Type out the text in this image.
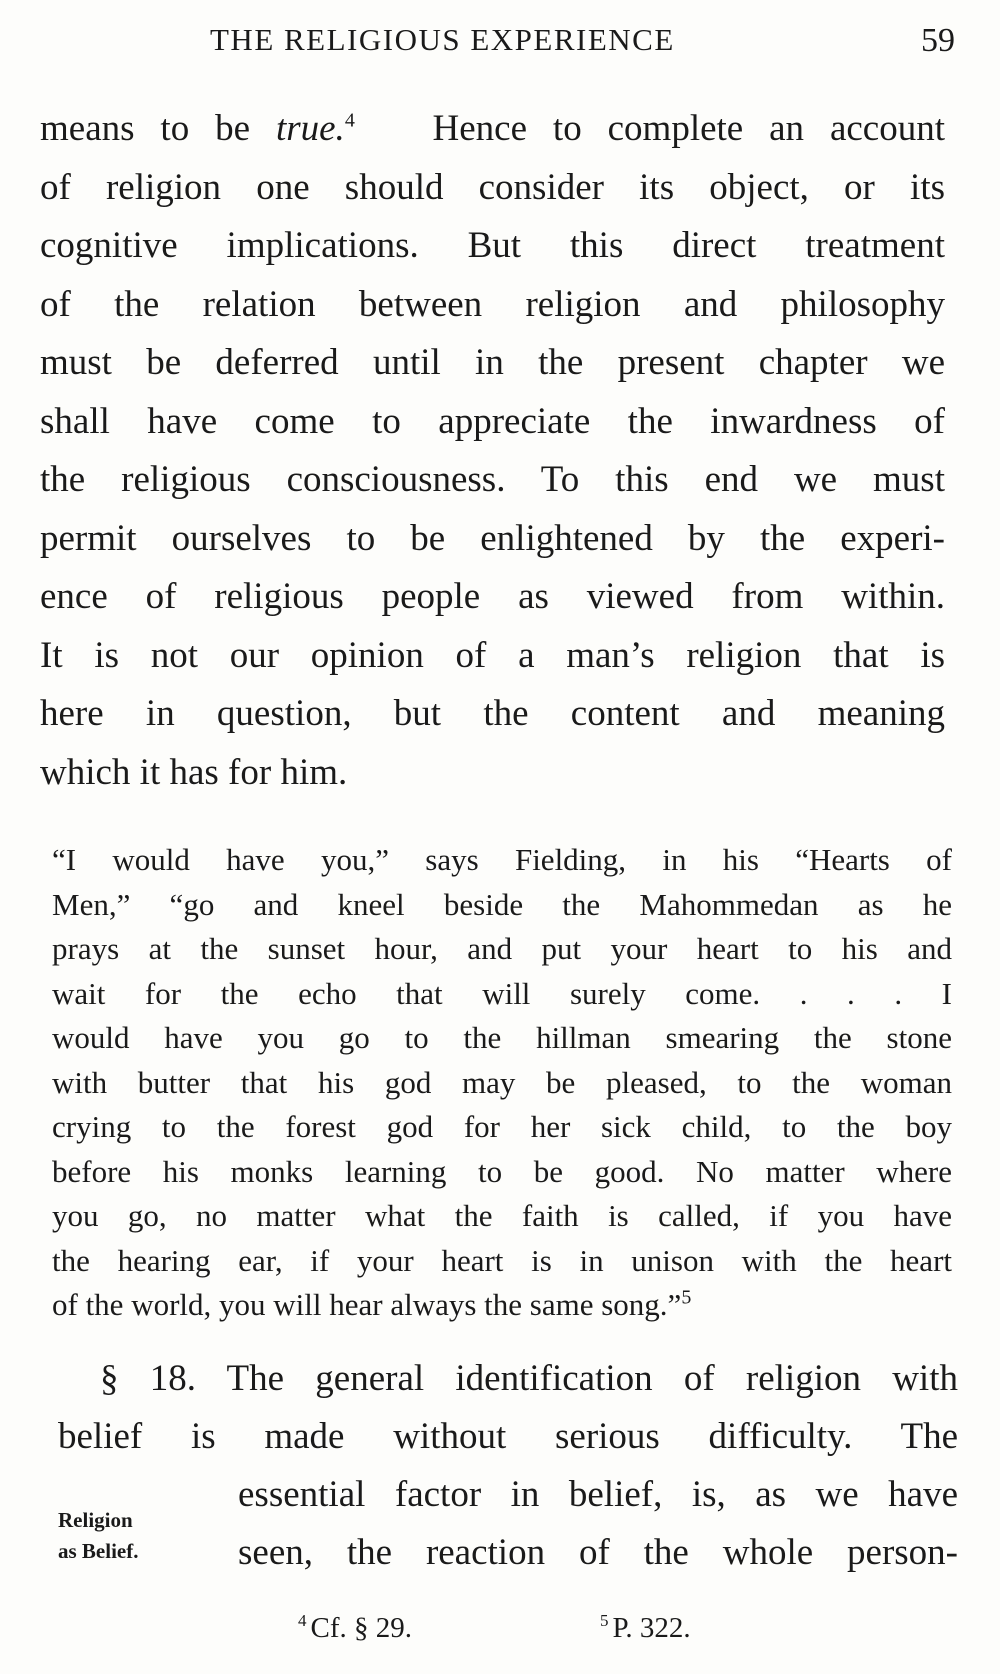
THE RELIGIOUS EXPERIENCE	59
means to be true.$^4$ Hence to complete an account
of religion one should consider its object, or its
cognitive implications. But this direct treatment
of the relation between religion and philosophy
must be deferred until in the present chapter we
shall have come to appreciate the inwardness of
the religious consciousness. To this end we must
permit ourselves to be enlightened by the experi-
ence of religious people as viewed from within.
It is not our opinion of a man’s religion that is
here in question, but the content and meaning
which it has for him.
“I would have you,” says Fielding, in his “Hearts of
Men,” “go and kneel beside the Mahommedan as he
prays at the sunset hour, and put your heart to his and
wait for the echo that will surely come. . . . I
would have you go to the hillman smearing the stone
with butter that his god may be pleased, to the woman
crying to the forest god for her sick child, to the boy
before his monks learning to be good. No matter where
you go, no matter what the faith is called, if you have
the hearing ear, if your heart is in unison with the heart
of the world, you will hear always the same song.”$^5$
§ 18. The general identification of religion with
belief is made without serious difficulty. The
essential factor in belief, is, as we have
seen, the reaction of the whole person-
Religion
as Belief.
$^4$ Cf. § 29.	$^5$ P. 322.
